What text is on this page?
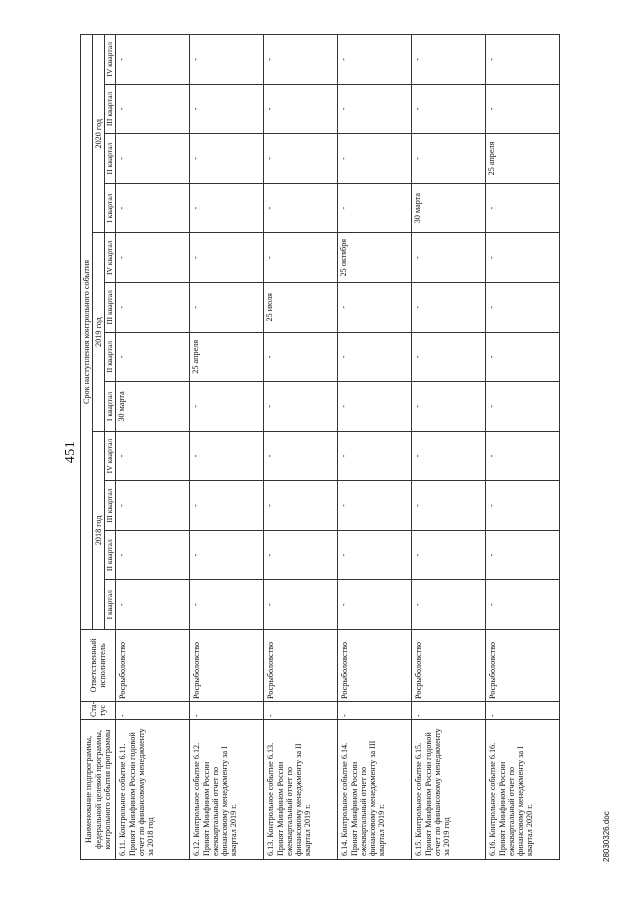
451
Наименование подпрограммы, федеральной целевой программы, контрольного события программы	Ста-тус	Ответственный исполнитель	Срок наступления контрольного события											
			2018 год				2019 год				2020 год			
			I квартал	II квартал	III квартал	IV квартал	I квартал	II квартал	III квартал	IV квартал	I квартал	II квартал	III квартал	IV квартал
6.11. Контрольное событие 6.11. Принят Минфином России годовой отчет по финансовому менеджменту за 2018 год	-	Росрыболовство	-	-	-	-	30 марта	-	-	-	-	-	-	-
6.12. Контрольное событие 6.12. Принят Минфином России ежеквартальный отчет по финансовому менеджменту за I квартал 2019 г.	-	Росрыболовство	-	-	-	-	-	25 апреля	-	-	-	-	-	-
6.13. Контрольное событие 6.13. Принят Минфином России ежеквартальный отчет по финансовому менеджменту за II квартал 2019 г.	-	Росрыболовство	-	-	-	-	-	-	25 июля	-	-	-	-	-
6.14. Контрольное событие 6.14. Принят Минфином России ежеквартальный отчет по финансовому менеджменту за III квартал 2019 г.	-	Росрыболовство	-	-	-	-	-	-	-	25 октября	-	-	-	-
6.15. Контрольное событие 6.15. Принят Минфином России годовой отчет по финансовому менеджменту за 2019 год	-	Росрыболовство	-	-	-	-	-	-	-	-	30 марта	-	-	-
6.16. Контрольное событие 6.16. Принят Минфином России ежеквартальный отчет по финансовому менеджменту за I квартал 2020 г.	-	Росрыболовство	-	-	-	-	-	-	-	-	-	25 апреля	-	-
28030326.doc
